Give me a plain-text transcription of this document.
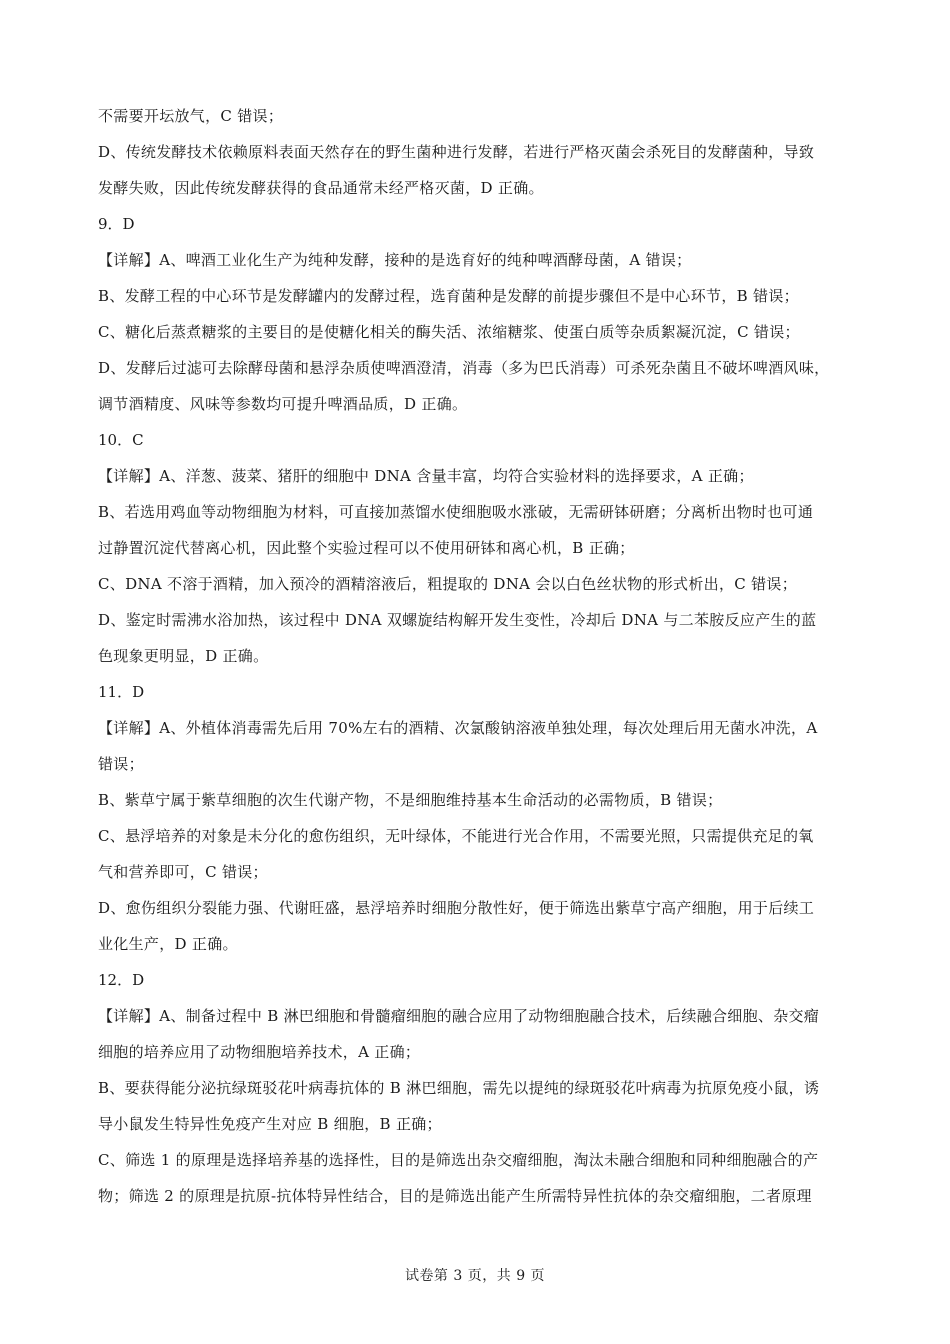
不需要开坛放气，C 错误；
D、传统发酵技术依赖原料表面天然存在的野生菌种进行发酵，若进行严格灭菌会杀死目的发酵菌种，导致
发酵失败，因此传统发酵获得的食品通常未经严格灭菌，D 正确。
9．D
【详解】A、啤酒工业化生产为纯种发酵，接种的是选育好的纯种啤酒酵母菌，A 错误；
B、发酵工程的中心环节是发酵罐内的发酵过程，选育菌种是发酵的前提步骤但不是中心环节，B 错误；
C、糖化后蒸煮糖浆的主要目的是使糖化相关的酶失活、浓缩糖浆、使蛋白质等杂质絮凝沉淀，C 错误；
D、发酵后过滤可去除酵母菌和悬浮杂质使啤酒澄清，消毒（多为巴氏消毒）可杀死杂菌且不破坏啤酒风味，
调节酒精度、风味等参数均可提升啤酒品质，D 正确。
10．C
【详解】A、洋葱、菠菜、猪肝的细胞中 DNA 含量丰富，均符合实验材料的选择要求，A 正确；
B、若选用鸡血等动物细胞为材料，可直接加蒸馏水使细胞吸水涨破，无需研钵研磨；分离析出物时也可通
过静置沉淀代替离心机，因此整个实验过程可以不使用研钵和离心机，B 正确；
C、DNA 不溶于酒精，加入预冷的酒精溶液后，粗提取的 DNA 会以白色丝状物的形式析出，C 错误；
D、鉴定时需沸水浴加热，该过程中 DNA 双螺旋结构解开发生变性，冷却后 DNA 与二苯胺反应产生的蓝
色现象更明显，D 正确。
11．D
【详解】A、外植体消毒需先后用 70%左右的酒精、次氯酸钠溶液单独处理，每次处理后用无菌水冲洗，A
错误；
B、紫草宁属于紫草细胞的次生代谢产物，不是细胞维持基本生命活动的必需物质，B 错误；
C、悬浮培养的对象是未分化的愈伤组织，无叶绿体，不能进行光合作用，不需要光照，只需提供充足的氧
气和营养即可，C 错误；
D、愈伤组织分裂能力强、代谢旺盛，悬浮培养时细胞分散性好，便于筛选出紫草宁高产细胞，用于后续工
业化生产，D 正确。
12．D
【详解】A、制备过程中 B 淋巴细胞和骨髓瘤细胞的融合应用了动物细胞融合技术，后续融合细胞、杂交瘤
细胞的培养应用了动物细胞培养技术，A 正确；
B、要获得能分泌抗绿斑驳花叶病毒抗体的 B 淋巴细胞，需先以提纯的绿斑驳花叶病毒为抗原免疫小鼠，诱
导小鼠发生特异性免疫产生对应 B 细胞，B 正确；
C、筛选 1 的原理是选择培养基的选择性，目的是筛选出杂交瘤细胞，淘汰未融合细胞和同种细胞融合的产
物；筛选 2 的原理是抗原-抗体特异性结合，目的是筛选出能产生所需特异性抗体的杂交瘤细胞，二者原理
试卷第 3 页，共 9 页
